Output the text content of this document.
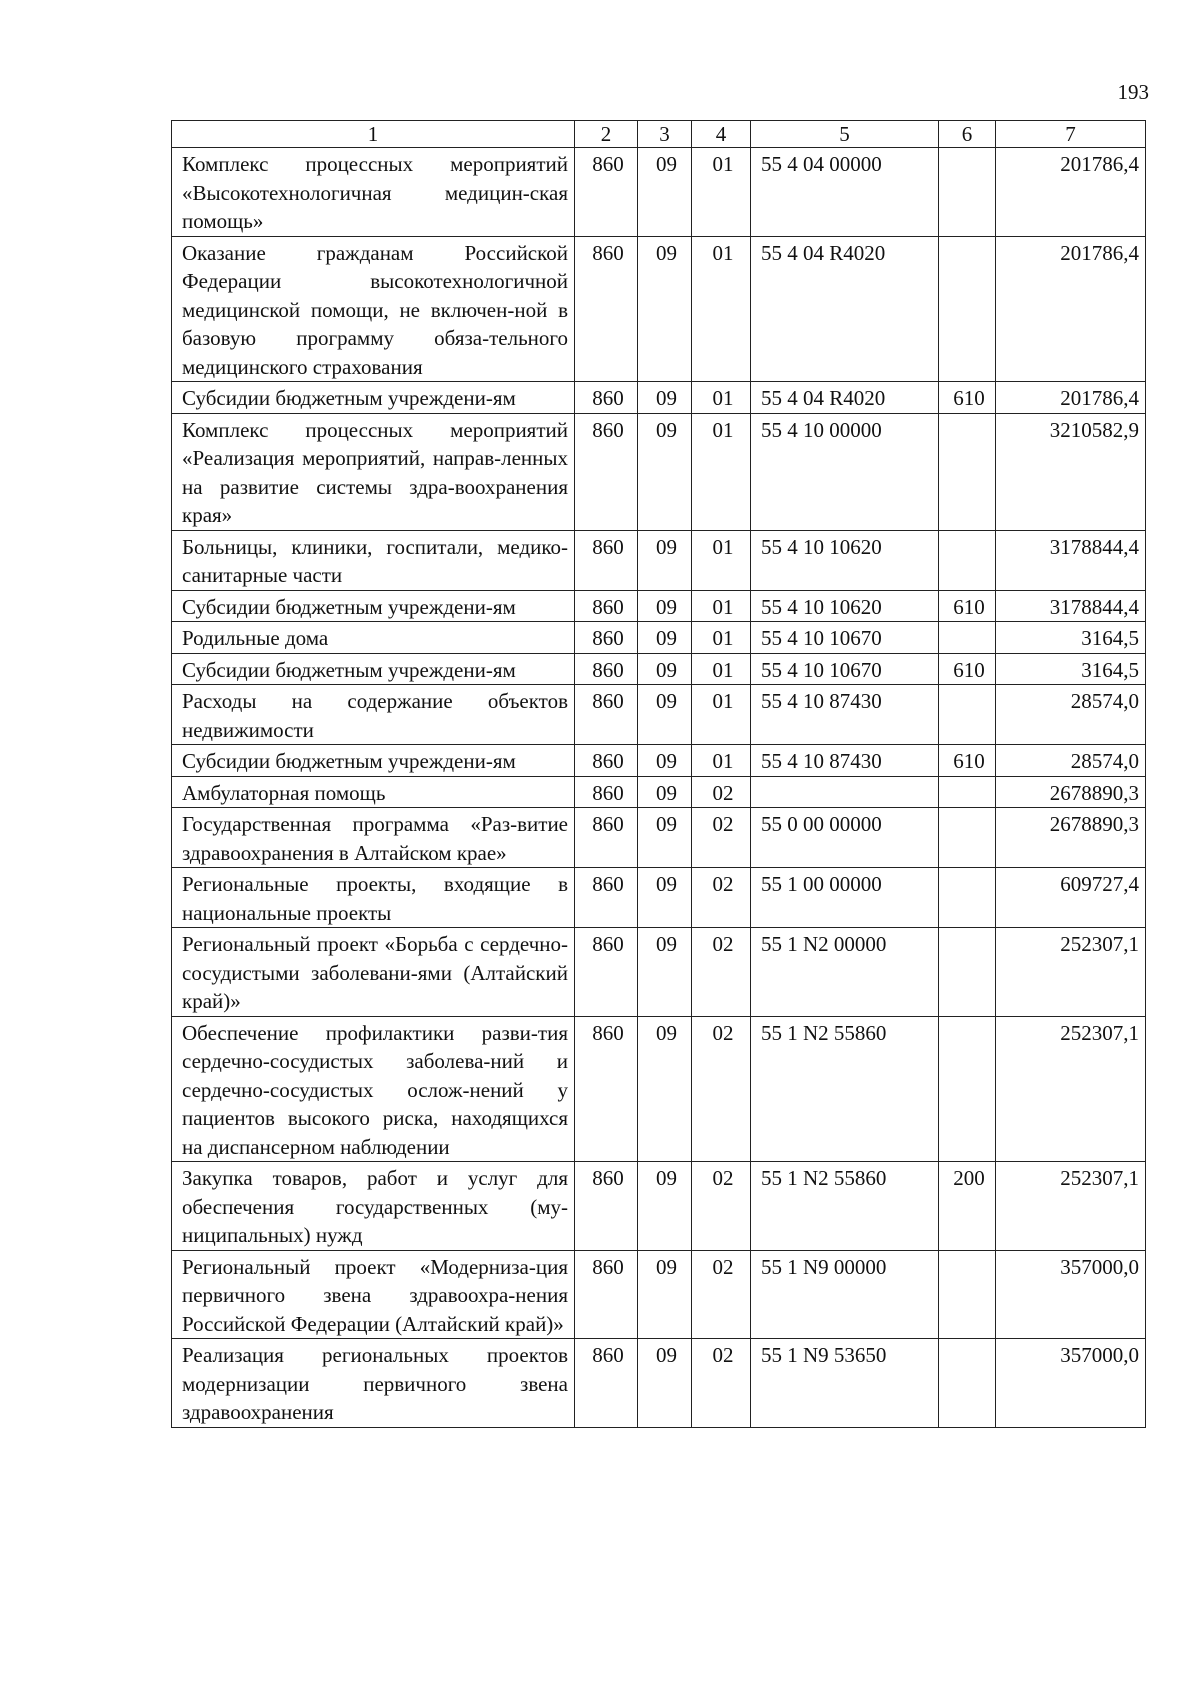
193
1	2	3	4	5	6	7
Комплекс процессных мероприятий «Высокотехнологичная медицин-ская помощь»	860	09	01	55 4 04 00000		201786,4
Оказание гражданам Российской Федерации высокотехнологичной медицинской помощи, не включен-ной в базовую программу обяза-тельного медицинского страхования	860	09	01	55 4 04 R4020		201786,4
Субсидии бюджетным учреждени-ям	860	09	01	55 4 04 R4020	610	201786,4
Комплекс процессных мероприятий «Реализация мероприятий, направ-ленных на развитие системы здра-воохранения края»	860	09	01	55 4 10 00000		3210582,9
Больницы, клиники, госпитали, медико-санитарные части	860	09	01	55 4 10 10620		3178844,4
Субсидии бюджетным учреждени-ям	860	09	01	55 4 10 10620	610	3178844,4
Родильные дома	860	09	01	55 4 10 10670		3164,5
Субсидии бюджетным учреждени-ям	860	09	01	55 4 10 10670	610	3164,5
Расходы на содержание объектов недвижимости	860	09	01	55 4 10 87430		28574,0
Субсидии бюджетным учреждени-ям	860	09	01	55 4 10 87430	610	28574,0
Амбулаторная помощь	860	09	02			2678890,3
Государственная программа «Раз-витие здравоохранения в Алтайском крае»	860	09	02	55 0 00 00000		2678890,3
Региональные проекты, входящие в национальные проекты	860	09	02	55 1 00 00000		609727,4
Региональный проект «Борьба с сердечно-сосудистыми заболевани-ями (Алтайский край)»	860	09	02	55 1 N2 00000		252307,1
Обеспечение профилактики разви-тия сердечно-сосудистых заболева-ний и сердечно-сосудистых ослож-нений у пациентов высокого риска, находящихся на диспансерном наблюдении	860	09	02	55 1 N2 55860		252307,1
Закупка товаров, работ и услуг для обеспечения государственных (му-ниципальных) нужд	860	09	02	55 1 N2 55860	200	252307,1
Региональный проект «Модерниза-ция первичного звена здравоохра-нения Российской Федерации (Алтайский край)»	860	09	02	55 1 N9 00000		357000,0
Реализация региональных проектов модернизации первичного звена здравоохранения	860	09	02	55 1 N9 53650		357000,0
